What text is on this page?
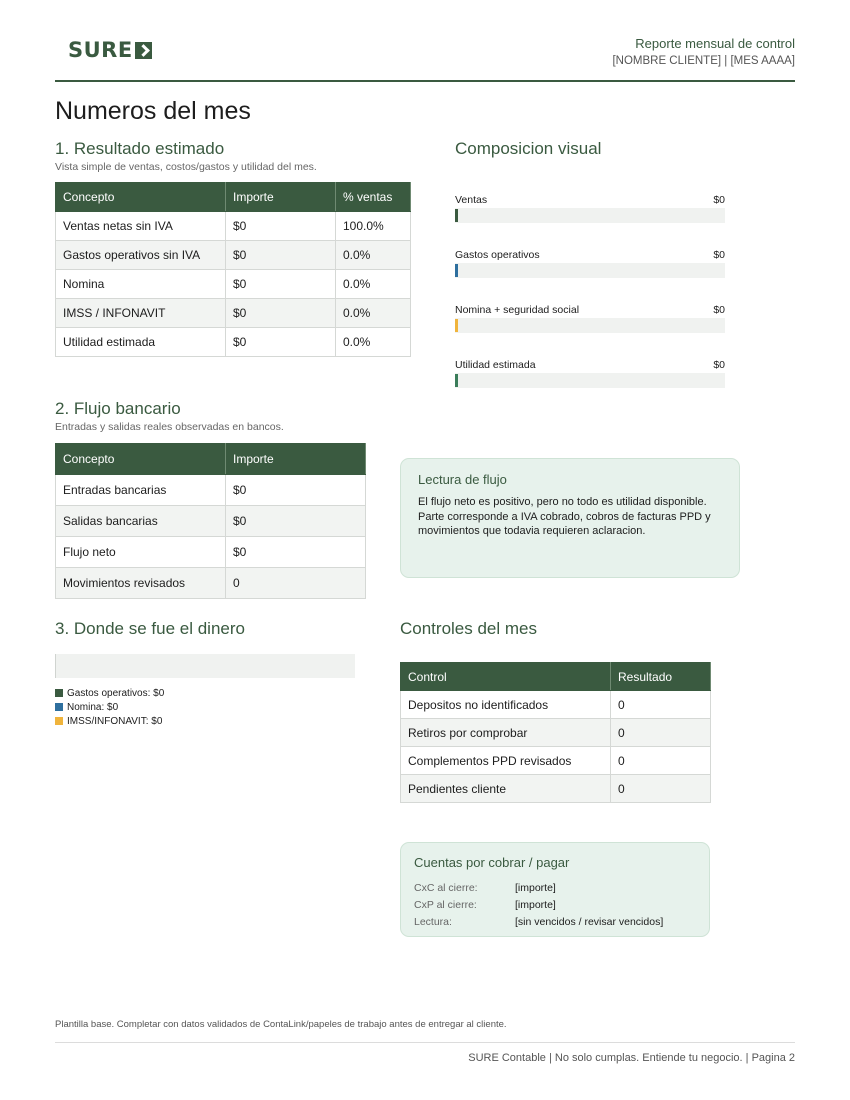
SURE	Reporte mensual de control
[NOMBRE CLIENTE] | [MES AAAA]
Numeros del mes
1. Resultado estimado
Vista simple de ventas, costos/gastos y utilidad del mes.
Concepto	Importe	% ventas
Ventas netas sin IVA	$0	100.0%
Gastos operativos sin IVA	$0	0.0%
Nomina	$0	0.0%
IMSS / INFONAVIT	$0	0.0%
Utilidad estimada	$0	0.0%
Composicion visual
Ventas	$0
Gastos operativos	$0
Nomina + seguridad social	$0
Utilidad estimada	$0
2. Flujo bancario
Entradas y salidas reales observadas en bancos.
Concepto	Importe
Entradas bancarias	$0
Salidas bancarias	$0
Flujo neto	$0
Movimientos revisados	0
Lectura de flujo
El flujo neto es positivo, pero no todo es utilidad disponible. Parte corresponde a IVA cobrado, cobros de facturas PPD y movimientos que todavia requieren aclaracion.
3. Donde se fue el dinero
Gastos operativos: $0
Nomina: $0
IMSS/INFONAVIT: $0
Controles del mes
Control	Resultado
Depositos no identificados	0
Retiros por comprobar	0
Complementos PPD revisados	0
Pendientes cliente	0
Cuentas por cobrar / pagar
CxC al cierre:	[importe]
CxP al cierre:	[importe]
Lectura:	[sin vencidos / revisar vencidos]
Plantilla base. Completar con datos validados de ContaLink/papeles de trabajo antes de entregar al cliente.
SURE Contable | No solo cumplas. Entiende tu negocio. | Pagina 2
